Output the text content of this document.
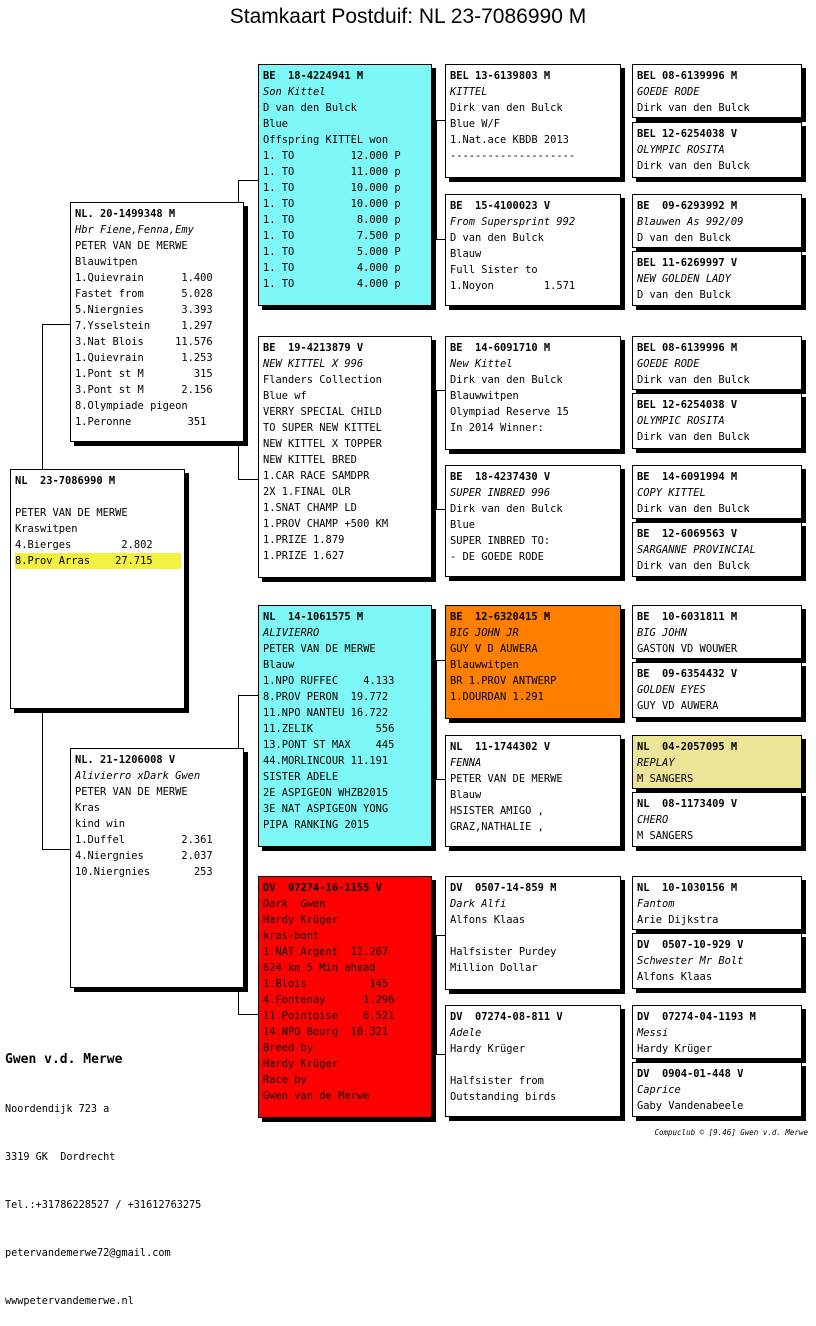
Stamkaart Postduif: NL 23-7086990 M
NL  23-7086990 M
PETER VAN DE MERWE
Kraswitpen
4.Bierges        2.802
8.Prov Arras    27.715
NL. 20-1499348 M
Hbr Fiene,Fenna,Emy
PETER VAN DE MERWE
Blauwitpen
1.Quievrain      1.400
Fastet from      5.028
5.Niergnies      3.393
7.Ysselstein     1.297
3.Nat Blois     11.576
1.Quievrain      1.253
1.Pont st M        315
3.Pont st M      2.156
8.Olympiade pigeon
1.Peronne         351
NL. 21-1206008 V
Alivierro xDark Gwen
PETER VAN DE MERWE
Kras
kind win
1.Duffel         2.361
4.Niergnies      2.037
10.Niergnies       253
BE  18-4224941 M
Son Kittel
D van den Bulck
Blue
Offspring KITTEL won
1. TO         12.000 P
1. TO         11.000 p
1. TO         10.000 p
1. TO         10.000 p
1. TO          8.000 p
1. TO          7.500 p
1. TO          5.000 P
1. TO          4.000 p
1. TO          4.000 p
BE  19-4213879 V
NEW KITTEL X 996
Flanders Collection
Blue wf
VERRY SPECIAL CHILD
TO SUPER NEW KITTEL
NEW KITTEL X TOPPER
NEW KITTEL BRED
1.CAR RACE SAMDPR
2X 1.FINAL OLR
1.SNAT CHAMP LD
1.PROV CHAMP +500 KM
1.PRIZE 1.879
1.PRIZE 1.627
NL  14-1061575 M
ALIVIERRO
PETER VAN DE MERWE
Blauw
1.NPO RUFFEC    4.133
8.PROV PERON  19.772
11.NPO NANTEU 16.722
11.ZELIK          556
13.PONT ST MAX    445
44.MORLINCOUR 11.191
SISTER ADELE
2E ASPIGEON WHZB2015
3E NAT ASPIGEON YONG
PIPA RANKING 2015
DV  07274-16-1155 V
Dark  Gwen
Hardy Krüger
kras-bont
1.NAT Argent  12.267
624 km 5 Min ahead
1.Blois          145
4.Fontenay      1.296
11.Pointoise    6.521
14.NPO Bourg  10.321
Breed by
Hardy Krüger
Race by
Gwen van de Merwe
BEL 13-6139803 M
KITTEL
Dirk van den Bulck
Blue W/F
1.Nat.ace KBDB 2013
--------------------
BE  15-4100023 V
From Supersprint 992
D van den Bulck
Blauw
Full Sister to
1.Noyon        1.571
BE  14-6091710 M
New Kittel
Dirk van den Bulck
Blauwwitpen
Olympiad Reserve 15
In 2014 Winner:
BE  18-4237430 V
SUPER INBRED 996
Dirk van den Bulck
Blue
SUPER INBRED TO:
- DE GOEDE RODE
BE  12-6320415 M
BIG JOHN JR
GUY V D AUWERA
Blauwwitpen
BR 1.PROV ANTWERP
1.DOURDAN 1.291
NL  11-1744302 V
FENNA
PETER VAN DE MERWE
Blauw
HSISTER AMIGO ,
GRAZ,NATHALIE ,
DV  0507-14-859 M
Dark Alfi
Alfons Klaas
Halfsister Purdey
Million Dollar
DV  07274-08-811 V
Adele
Hardy Krüger
Halfsister from
Outstanding birds
BEL 08-6139996 M
GOEDE RODE
Dirk van den Bulck
BEL 12-6254038 V
OLYMPIC ROSITA
Dirk van den Bulck
BE  09-6293992 M
Blauwen As 992/09
D van den Bulck
BEL 11-6269997 V
NEW GOLDEN LADY
D van den Bulck
BEL 08-6139996 M
GOEDE RODE
Dirk van den Bulck
BEL 12-6254038 V
OLYMPIC ROSITA
Dirk van den Bulck
BE  14-6091994 M
COPY KITTEL
Dirk van den Bulck
BE  12-6069563 V
SARGANNE PROVINCIAL
Dirk van den Bulck
BE  10-6031811 M
BIG JOHN
GASTON VD WOUWER
BE  09-6354432 V
GOLDEN EYES
GUY VD AUWERA
NL  04-2057095 M
REPLAY
M SANGERS
NL  08-1173409 V
CHERO
M SANGERS
NL  10-1030156 M
Fantom
Arie Dijkstra
DV  0507-10-929 V
Schwester Mr Bolt
Alfons Klaas
DV  07274-04-1193 M
Messi
Hardy Krüger
DV  0904-01-448 V
Caprice
Gaby Vandenabeele

Gwen v.d. Merwe

Noordendijk 723 a

3319 GK  Dordrecht

Tel.:+31786228527 / +31612763275

petervandemerwe72@gmail.com

wwwpetervandemerwe.nl

Compuclub © [9.46] Gwen v.d. Merwe
